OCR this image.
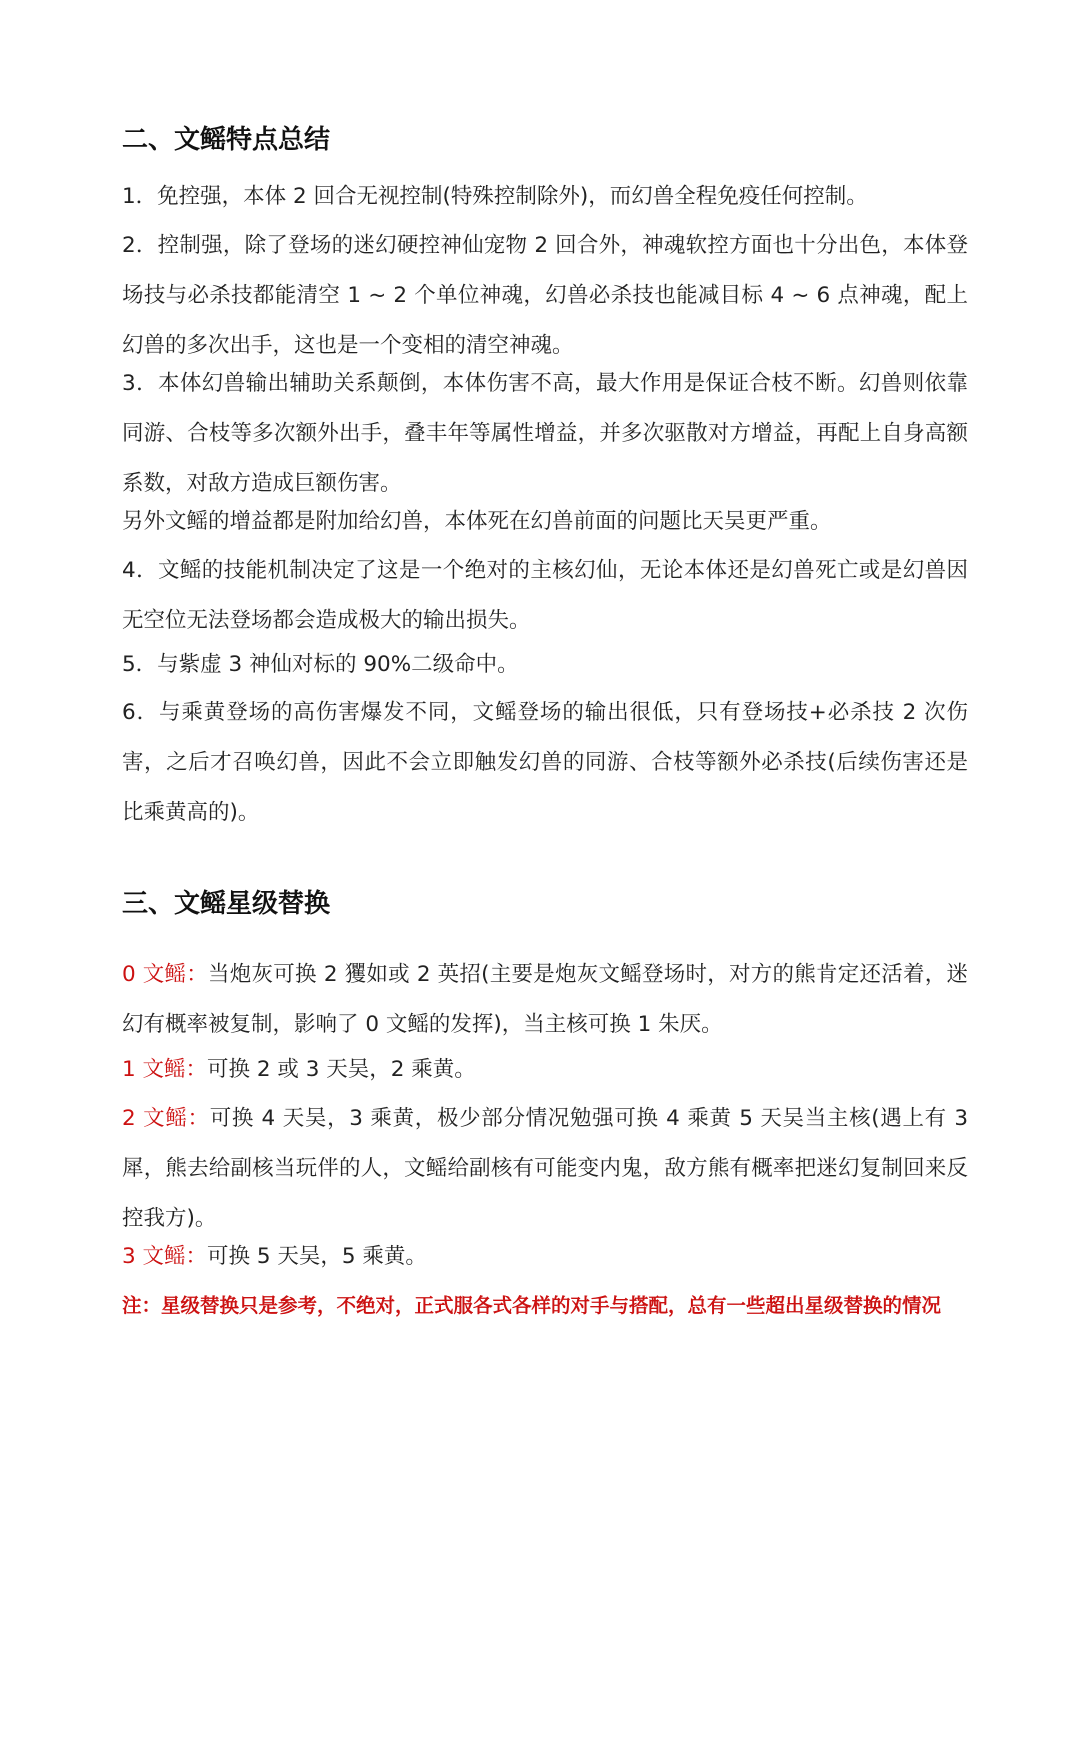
二、文鳐特点总结

1．免控强，本体 2 回合无视控制(特殊控制除外)，而幻兽全程免疫任何控制。

2．控制强，除了登场的迷幻硬控神仙宠物 2 回合外，神魂软控方面也十分出色，本体登场技与必杀技都能清空 1 ~ 2 个单位神魂，幻兽必杀技也能减目标 4 ~ 6 点神魂，配上幻兽的多次出手，这也是一个变相的清空神魂。

3．本体幻兽输出辅助关系颠倒，本体伤害不高，最大作用是保证合枝不断。幻兽则依靠同游、合枝等多次额外出手，叠丰年等属性增益，并多次驱散对方增益，再配上自身高额系数，对敌方造成巨额伤害。

另外文鳐的增益都是附加给幻兽，本体死在幻兽前面的问题比天吴更严重。

4．文鳐的技能机制决定了这是一个绝对的主核幻仙，无论本体还是幻兽死亡或是幻兽因无空位无法登场都会造成极大的输出损失。

5．与紫虚 3 神仙对标的 90%二级命中。

6．与乘黄登场的高伤害爆发不同，文鳐登场的输出很低，只有登场技+必杀技 2 次伤害，之后才召唤幻兽，因此不会立即触发幻兽的同游、合枝等额外必杀技(后续伤害还是比乘黄高的)。

三、文鳐星级替换

0 文鳐：当炮灰可换 2 玃如或 2 英招(主要是炮灰文鳐登场时，对方的熊肯定还活着，迷幻有概率被复制，影响了 0 文鳐的发挥)，当主核可换 1 朱厌。

1 文鳐：可换 2 或 3 天吴，2 乘黄。

2 文鳐：可换 4 天吴，3 乘黄，极少部分情况勉强可换 4 乘黄 5 天吴当主核(遇上有 3 犀，熊去给副核当玩伴的人，文鳐给副核有可能变内鬼，敌方熊有概率把迷幻复制回来反控我方)。

3 文鳐：可换 5 天吴，5 乘黄。

注：星级替换只是参考，不绝对，正式服各式各样的对手与搭配，总有一些超出星级替换的情况
